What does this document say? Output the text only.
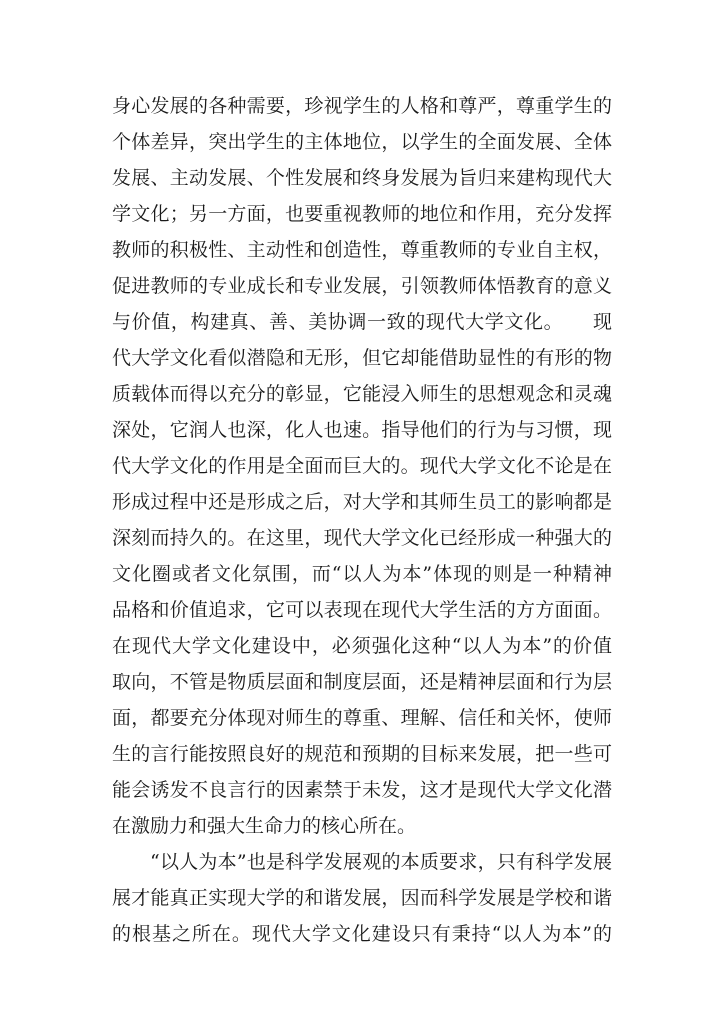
身心发展的各种需要，珍视学生的人格和尊严，尊重学生的
个体差异，突出学生的主体地位，以学生的全面发展、全体
发展、主动发展、个性发展和终身发展为旨归来建构现代大
学文化；另一方面，也要重视教师的地位和作用，充分发挥
教师的积极性、主动性和创造性，尊重教师的专业自主权，
促进教师的专业成长和专业发展，引领教师体悟教育的意义
与价值，构建真、善、美协调一致的现代大学文化。　　现
代大学文化看似潜隐和无形，但它却能借助显性的有形的物
质载体而得以充分的彰显，它能浸入师生的思想观念和灵魂
深处，它润人也深，化人也速。指导他们的行为与习惯，现
代大学文化的作用是全面而巨大的。现代大学文化不论是在
形成过程中还是形成之后，对大学和其师生员工的影响都是
深刻而持久的。在这里，现代大学文化已经形成一种强大的
文化圈或者文化氛围，而“以人为本”体现的则是一种精神
品格和价值追求，它可以表现在现代大学生活的方方面面。
在现代大学文化建设中，必须强化这种“以人为本”的价值
取向，不管是物质层面和制度层面，还是精神层面和行为层
面，都要充分体现对师生的尊重、理解、信任和关怀，使师
生的言行能按照良好的规范和预期的目标来发展，把一些可
能会诱发不良言行的因素禁于未发，这才是现代大学文化潜
在激励力和强大生命力的核心所在。
“以人为本”也是科学发展观的本质要求，只有科学发展
展才能真正实现大学的和谐发展，因而科学发展是学校和谐
的根基之所在。现代大学文化建设只有秉持“以人为本”的
